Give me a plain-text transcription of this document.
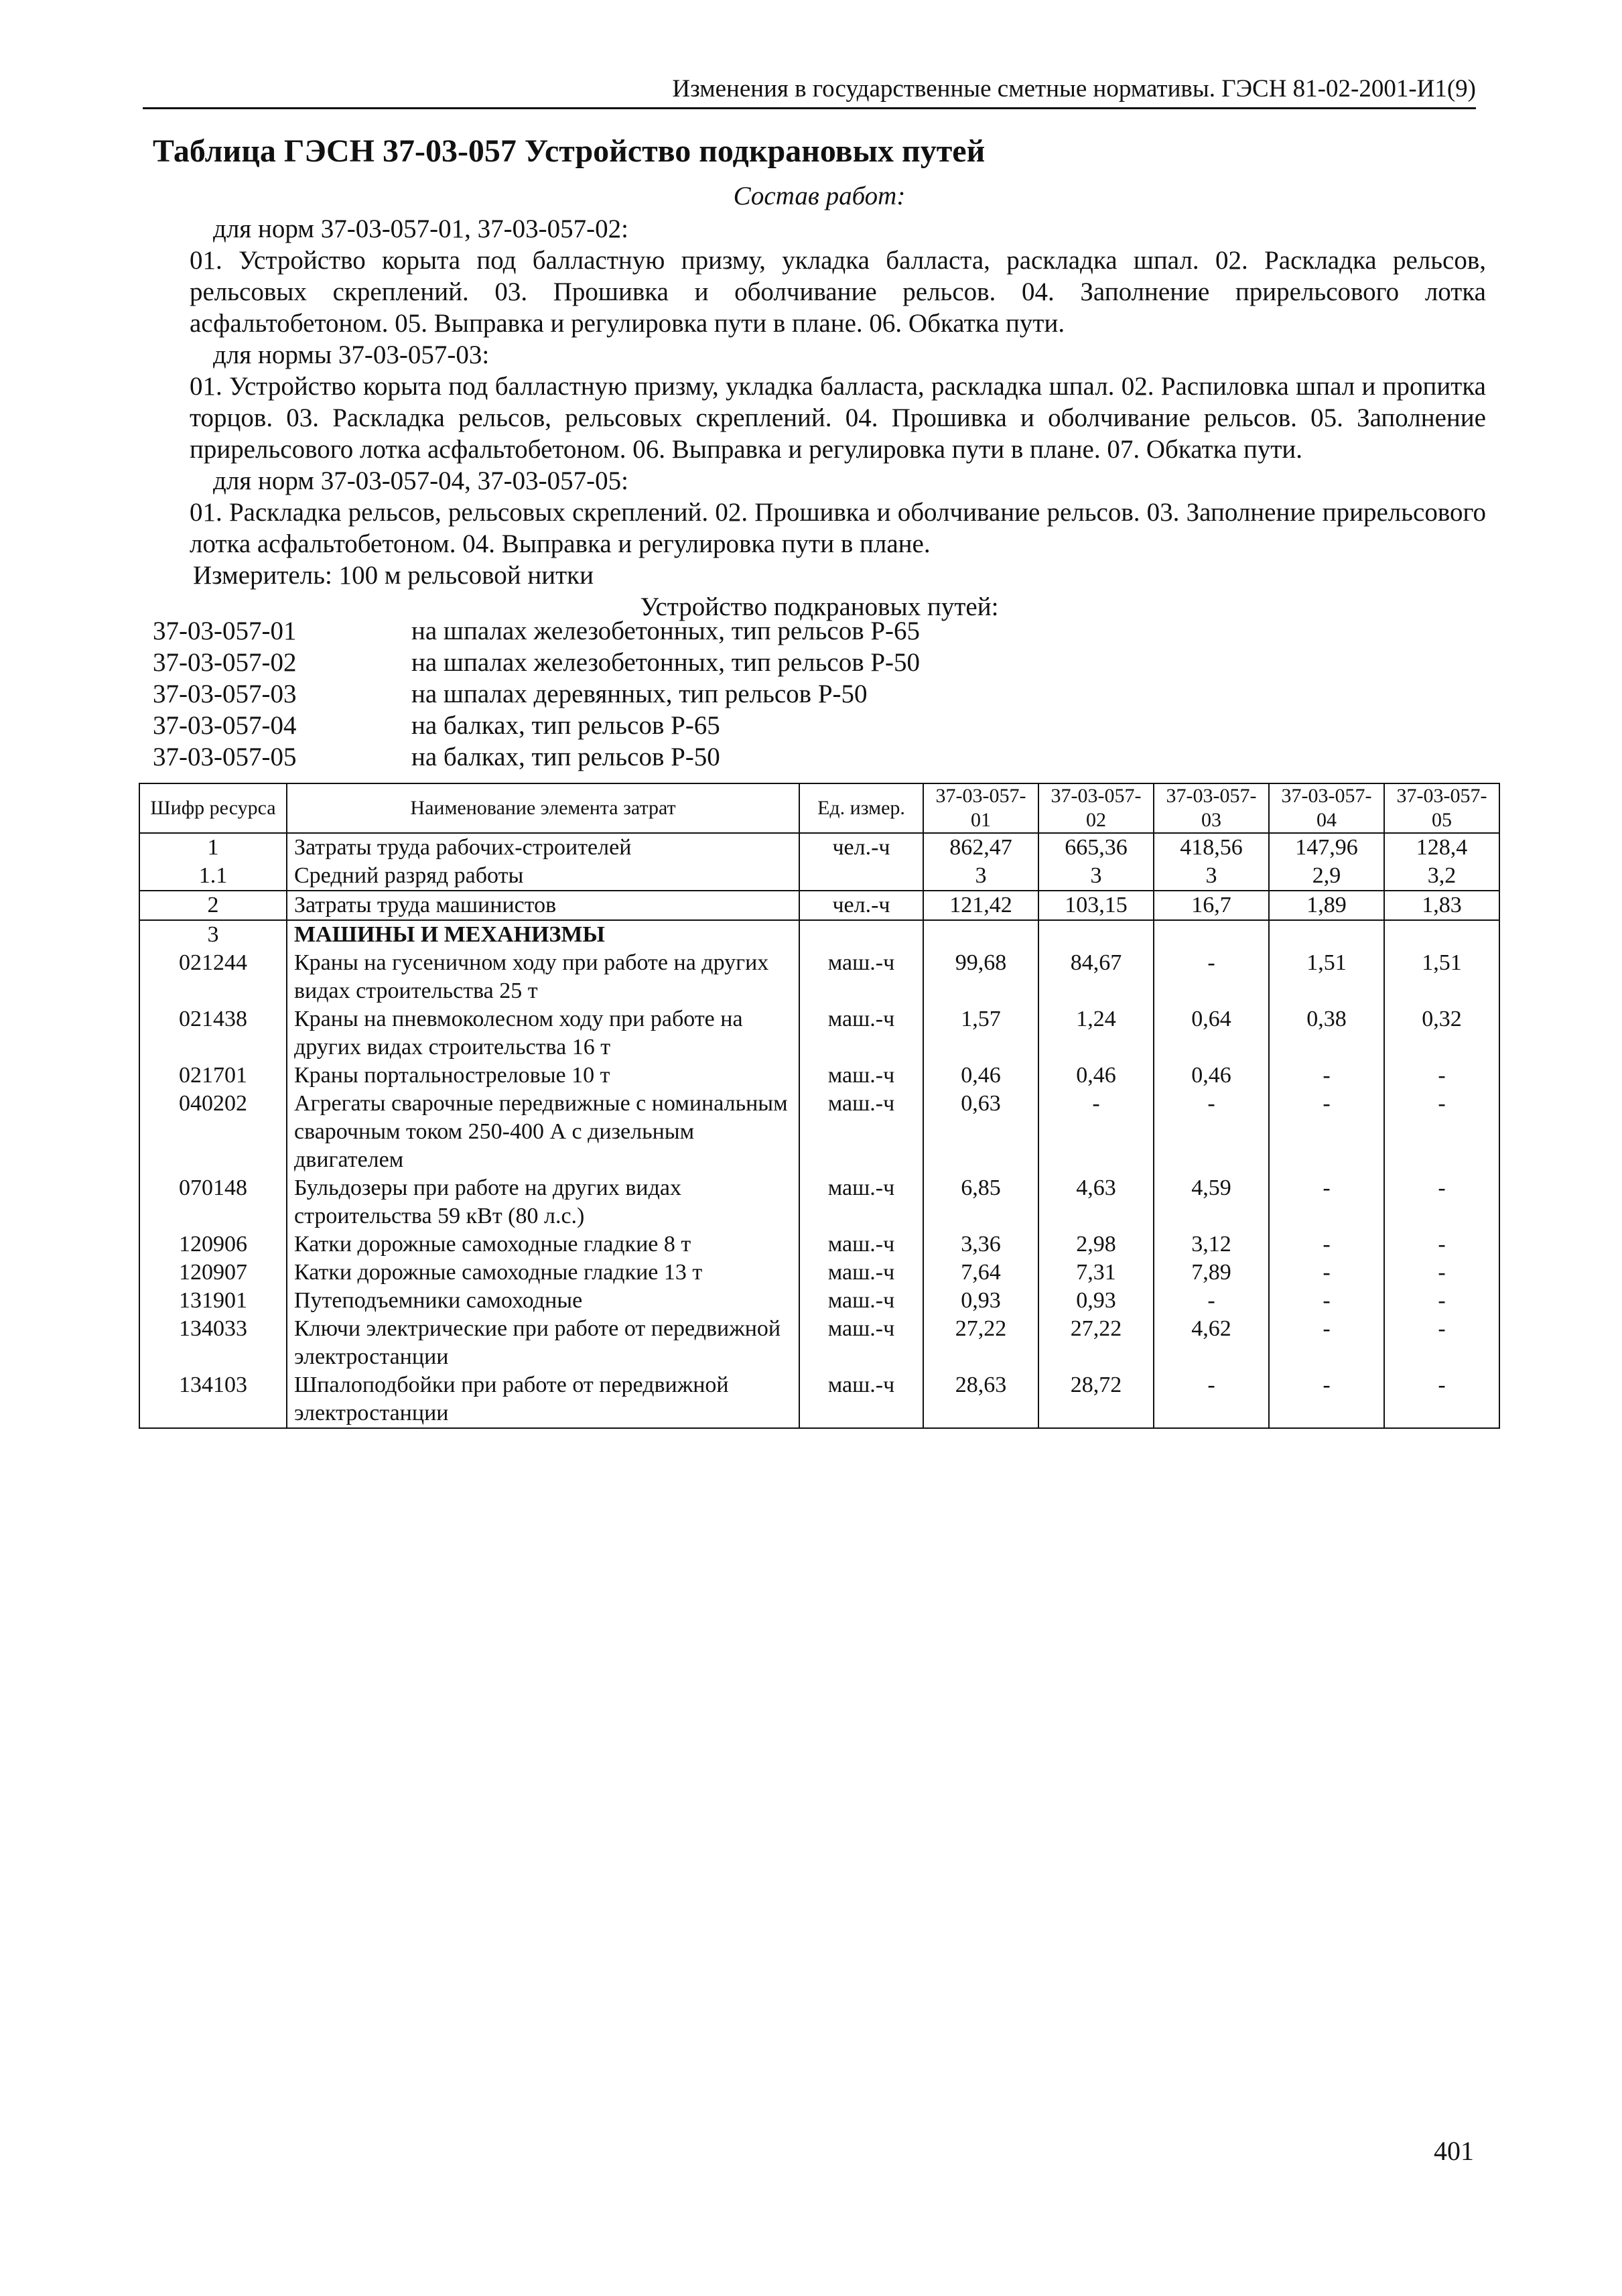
Изменения в государственные сметные нормативы. ГЭСН 81-02-2001-И1(9)
Таблица ГЭСН 37-03-057 Устройство подкрановых путей
Состав работ:

для норм 37-03-057-01, 37-03-057-02:

01. Устройство корыта под балластную призму, укладка балласта, раскладка шпал. 02. Раскладка рельсов, рельсовых скреплений. 03. Прошивка и оболчивание рельсов. 04. Заполнение прирельсового лотка асфальтобетоном. 05. Выправка и регулировка пути в плане. 06. Обкатка пути.

для нормы 37-03-057-03:

01. Устройство корыта под балластную призму, укладка балласта, раскладка шпал. 02. Распиловка шпал и пропитка торцов. 03. Раскладка рельсов, рельсовых скреплений. 04. Прошивка и оболчивание рельсов. 05. Заполнение прирельсового лотка асфальтобетоном. 06. Выправка и регулировка пути в плане. 07. Обкатка пути.

для норм 37-03-057-04, 37-03-057-05:

01. Раскладка рельсов, рельсовых скреплений. 02. Прошивка и оболчивание рельсов. 03. Заполнение прирельсового лотка асфальтобетоном. 04. Выправка и регулировка пути в плане.

Измеритель: 100 м рельсовой нитки

Устройство подкрановых путей:

37-03-057-01	на шпалах железобетонных, тип рельсов Р-65
37-03-057-02	на шпалах железобетонных, тип рельсов Р-50
37-03-057-03	на шпалах деревянных, тип рельсов Р-50
37-03-057-04	на балках, тип рельсов Р-65
37-03-057-05	на балках, тип рельсов Р-50
Шифр ресурса	Наименование элемента затрат	Ед. измер.	37-03-057-01	37-03-057-02	37-03-057-03	37-03-057-04	37-03-057-05
1	Затраты труда рабочих-строителей	чел.-ч	862,47	665,36	418,56	147,96	128,4
1.1	Средний разряд работы		3	3	3	2,9	3,2
2	Затраты труда машинистов	чел.-ч	121,42	103,15	16,7	1,89	1,83
3	МАШИНЫ И МЕХАНИЗМЫ						
021244	Краны на гусеничном ходу при работе на других видах строительства 25 т	маш.-ч	99,68	84,67	-	1,51	1,51
021438	Краны на пневмоколесном ходу при работе на других видах строительства 16 т	маш.-ч	1,57	1,24	0,64	0,38	0,32
021701	Краны портальностреловые 10 т	маш.-ч	0,46	0,46	0,46	-	-
040202	Агрегаты сварочные передвижные с номинальным сварочным током 250-400 А с дизельным двигателем	маш.-ч	0,63	-	-	-	-
070148	Бульдозеры при работе на других видах строительства 59 кВт (80 л.с.)	маш.-ч	6,85	4,63	4,59	-	-
120906	Катки дорожные самоходные гладкие 8 т	маш.-ч	3,36	2,98	3,12	-	-
120907	Катки дорожные самоходные гладкие 13 т	маш.-ч	7,64	7,31	7,89	-	-
131901	Путеподъемники самоходные	маш.-ч	0,93	0,93	-	-	-
134033	Ключи электрические при работе от передвижной электростанции	маш.-ч	27,22	27,22	4,62	-	-
134103	Шпалоподбойки при работе от передвижной электростанции	маш.-ч	28,63	28,72	-	-	-
401
